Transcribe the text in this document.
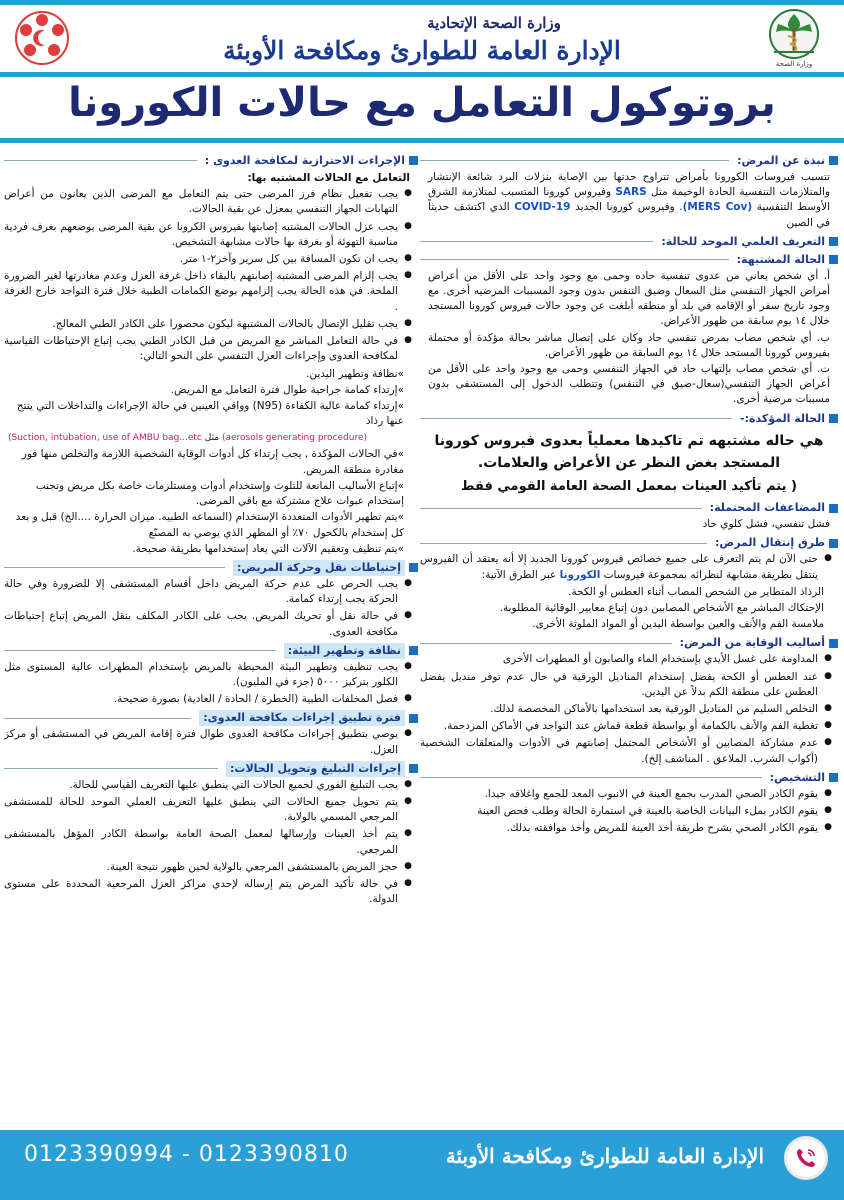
وزارة الصحة
وزارة الصحة الإتحادية
الإدارة العامة للطوارئ ومكافحة الأوبئة
بروتوكول التعامل مع حالات الكورونا
نبذة عن المرض:
تتسبب فيروسات الكورونا بأمراض تتراوح حدتها بين الإصابة بنزلات البرد شائعة الإنتشار والمتلازمات التنفسية الحادة الوخيمة مثل SARS وفيروس كورونا المتسبب لمتلازمة الشرق الأوسط التنفسية (MERS Cov). وفيروس كورونا الجديد COVID-19 الذي اكتشف حديثاً في الصين
التعريف العلمي الموحد للحالة:
الحالة المشتبهة:
أ. أي شخص يعاني من عدوى تنفسية حاده وحمى مع وجود واحد على الأقل من أعراض أمراض الجهاز التنفسي مثل السعال وضيق التنفس بدون وجود المسببات المرضيه أخرى. مع وجود تاريخ سفر أو الإقامه في بلد أو منطقه أبلغت عن وجود حالات فيروس كورونا المستجد خلال ١٤ يوم سابقة من ظهور الأعراض.
ب. أي شخص مصاب بمرض تنفسي حاد وكان على إتصال مباشر بحالة مؤكدة أو محتملة بفيروس كورونا المستجد خلال ١٤ يوم السابقة من ظهور الأعراض.
ت. أي شخص مصاب بإلتهاب حاد في الجهاز التنفسي وحمى مع وجود واحد على الأقل من أعراض الجهاز التنفسي(سعال-ضيق في التنفس) وتتطلب الدخول إلى المستشفى بدون مسببات مرضية أخرى.
الحالة المؤكدة:-
هي حاله مشتبهه تم تاكيدها معملياً بعدوى فيروس كورونا المستجد بغض النظر عن الأعراض والعلامات.
( يتم تأكيد العينات بمعمل الصحة العامة القومي فقط
المضاعفات المحتملة:
فشل تنفسي، فشل كلوي حاد
طرق إنتقال المرض:
● حتى الآن لم يتم التعرف على جميع خصائص فيروس كورونا الجديد إلا أنه يعتقد أن الفيروس ينتقل بطريقة مشابهة لنظرائه بمجموعة فيروسات الكورونا عبر الطرق الآتية:
الرذاذ المتطاير من الشحص المصاب أثناء العطس أو الكحة.
الإحتكاك المباشر مع الأشخاص المصابين دون إتباع معايير الوقائية المطلوبة.
ملامسة الفم والأنف والعين بواسطة اليدين أو المواد الملوثة الأخرى.
أساليب الوقاية من المرض:
● المداومة على غسل الأيدي بإستخدام الماء والصابون أو المطهرات الأخرى
● عند العطس أو الكحة يفضل إستخدام المناديل الورقية في حال عدم توفر منديل يفضل العطس على منطقة الكم بدلاً عن اليدين.
● التخلص السليم من المناديل الورقية بعد استخدامها بالأماكن المخصصة لذلك.
● تغطية الفم والأنف بالكمامة أو بواسطة قطعة قماش عند التواجد في الأماكن المزدحمة.
● عدم مشاركة المصابين أو الأشخاص المحتمل إصابتهم في الأدوات والمتعلقات الشخصية (أكواب الشرب. الملاعق . المناشف إلخ).
التشخيص:
● يقوم الكادر الصحي المدرب بجمع العينة في الانبوب المعد للجمع واغلاقه جيدا.
● يقوم الكادر بملء البيانات الخاصة بالعينة في استمارة الحالة وطلب فحص العينة
● يقوم الكادر الصحي بشرح طريقة أخذ العينة للمريض وأخذ موافقته بذلك.
الإجراءت الاحترازية لمكافحة العدوى :
التعامل مع الحالات المشتبه بها:
● يجب تفعيل نظام فرز المرضى حتى يتم التعامل مع المرضى الذين يعانون من أعراض التهابات الجهاز التنفسي بمعزل عن بقية الحالات.
● يجب عزل الحالات المشتبه إصابتها بفيروس الكرونا عن بقية المرضى بوضعهم بغرف فردية مناسبة التهوئة أو بغرفة بها حالات مشابهة التشخيص.
● يجب ان تكون المسافة بين كل سرير وآخر٢-١ متر.
● يجب إلزام المرضى المشتبه إصابتهم بالبقاء داخل غرفة العزل وعدم مغادرتها لغير الضرورة الملحة. في هذه الحالة يجب إلزامهم بوضع الكمامات الطبية خلال فترة التواجد خارج الغرفة .
● يجب تقليل الإتصال بالحالات المشتبهة ليكون محصورا على الكادر الطبي المعالج.
● في حالة التعامل المباشر مع المريض من قبل الكادر الطبي يجب إتباع الإحتياطات القياسية لمكافحة العدوى وإجراءات العزل التنفسي على النحو التالي:
»نظافة وتطهير اليدين.
»إرتداء كمامة جراحية طوال فترة التعامل مع المريض.
»إرتداء كمامة عالية الكفاءة (N95) وواقي العينين في حالة الإجراءات والتداخلات التي ينتج عنها رذاذ
(Suction, intubation, use of AMBU bag...etc مثل (aerosols generating procedure)
»في الحالات المؤكدة , يجب إرتداء كل أدوات الوقاية الشخصية اللازمة والتخلص منها فور مغادرة منطقة المريض.
»إتباع الأساليب المانعة للتلوث وإستخدام أدوات ومستلزمات خاصة بكل مريض وتجنب إستخدام عبوات علاج مشتركة مع باقي المرضى.
»يتم تطهير الأدوات المتعددة الإستخدام (السماعه الطبيه. ميزان الحرارة ....الخ) قبل و بعد كل إستخدام بالكحول ٧٠٪ أو المطهر الذي يوصي به المصنّع
»يتم تنظيف وتعقيم الآلات التي يعاد إستخدامها بطريقة صحيحة.
إحتياطات نقل وحركة المريض:
● يجب الحرص على عدم حركة المريض داخل أقسام المستشفى إلا للضرورة وفي حالة الحركة يجب إرتداء كمامة.
● في حالة نقل أو تحريك المريض. يجب على الكادر المكلف بنقل المريض إتباع إحتياطات مكافحة العدوى.
نظافة وتطهير البيئة:
● يجب تنظيف وتطهير البيئة المحيطة بالمريض بإستخدام المطهرات عالية المستوى مثل الكلور بتركيز ٥٠٠٠ (جزء في المليون).
● فصل المخلفات الطبية (الخطرة / الحادة / العادية) بصورة صحيحة.
فترة تطبيق إجراءات مكافحة العدوى:
● يوصي بتطبيق إجراءات مكافحة العدوى طوال فترة إقامة المريض في المستشفى أو مركز العزل.
إجراءات التبليغ وتحويل الحالات:
● يجب التبليغ الفوري لجميع الحالات التي ينطبق عليها التعريف القياسي للحالة.
● يتم تحويل جميع الحالات التي ينطبق عليها التعريف العملي الموحد للحالة للمستشفى المرجعي المسمي بالولاية.
● يتم أخذ العينات وإرسالها لمعمل الصحة العامة بواسطة الكادر المؤهل بالمستشفى المرجعي.
● حجز المريض بالمستشفى المرجعي بالولاية لحين ظهور نتيجة العينة.
● في حالة تأكيد المرض يتم إرساله لإحدي مراكز العزل المرجعية المحددة على مستوى الدولة.
الإدارة العامة للطوارئ ومكافحة الأوبئة
0123390994 - 0123390810
